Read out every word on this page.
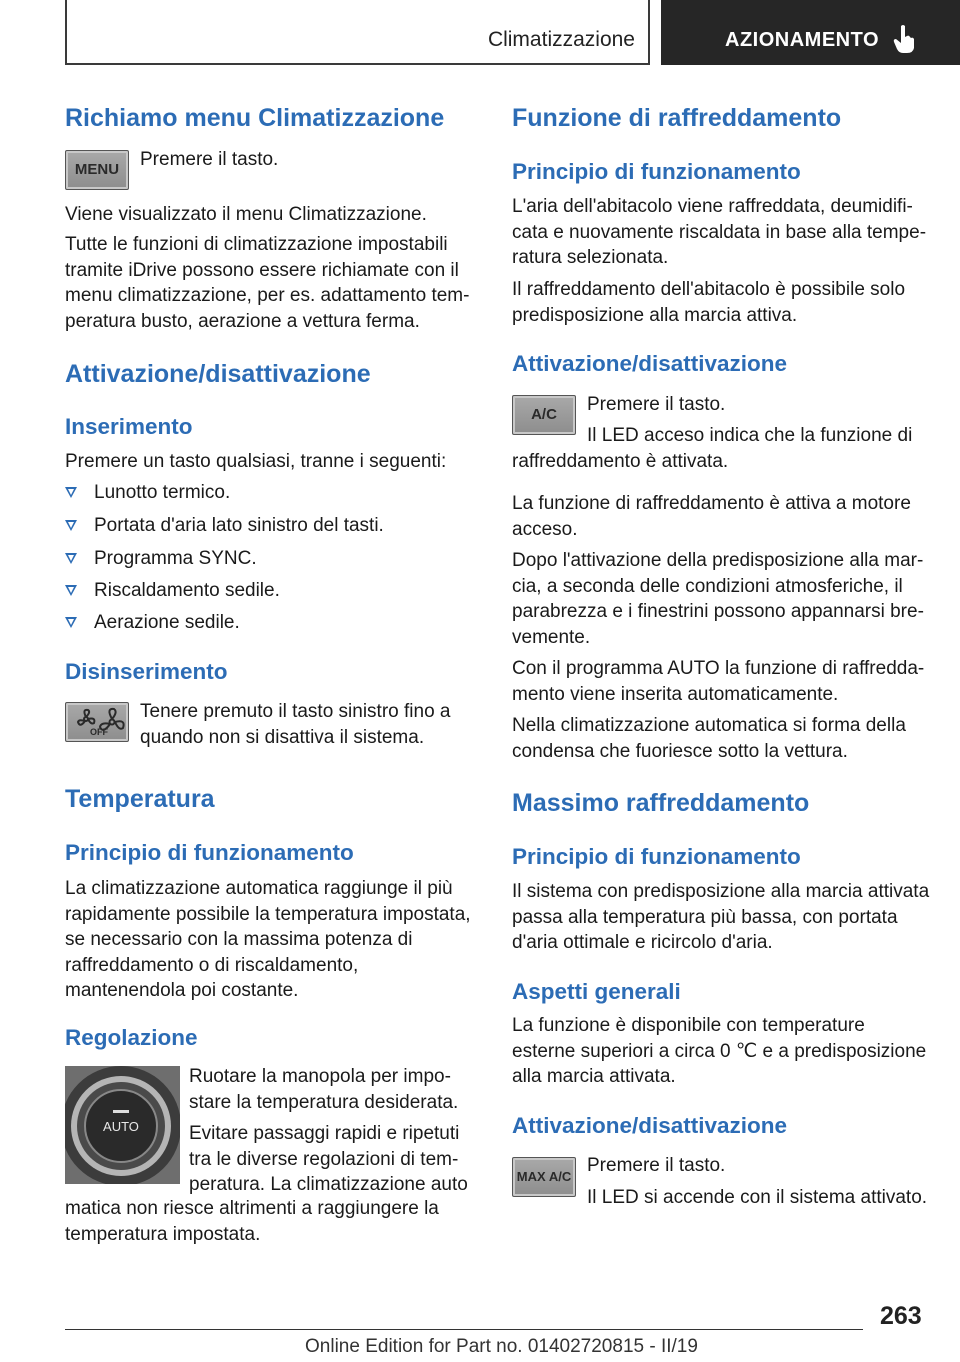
Climatizzazione	AZIONAMENTO
Richiamo menu Climatizzazione
MENU	Premere il tasto.

Viene visualizzato il menu Climatizzazione.

Tutte le funzioni di climatizzazione impostabili tramite iDrive possono essere richiamate con il menu climatizzazione, per es. adattamento temperatura busto, aerazione a vettura ferma.

Attivazione/disattivazione
Inserimento

Premere un tasto qualsiasi, tranne i seguenti:

Lunotto termico.
Portata d'aria lato sinistro del tasti.
Programma SYNC.
Riscaldamento sedile.
Aerazione sedile.
Disinserimento
OFF

Tenere premuto il tasto sinistro fino a quando non si disattiva il sistema.

Temperatura
Principio di funzionamento

La climatizzazione automatica raggiunge il più rapidamente possibile la temperatura impostata, se necessario con la massima potenza di raffreddamento o di riscaldamento, mantenendola poi costante.

Regolazione
AUTO

Ruotare la manopola per impostare la temperatura desiderata.

Evitare passaggi rapidi e ripetuti tra le diverse regolazioni di temperatura. La climatizzazione auto

matica non riesce altrimenti a raggiungere la temperatura impostata.

Funzione di raffreddamento
Principio di funzionamento

L'aria dell'abitacolo viene raffreddata, deumidificata e nuovamente riscaldata in base alla temperatura selezionata.

Il raffreddamento dell'abitacolo è possibile solo predisposizione alla marcia attiva.

Attivazione/disattivazione
A/C	Premere il tasto.

Il LED acceso indica che la funzione di raffreddamento è attivata.

La funzione di raffreddamento è attiva a motore acceso.

Dopo l'attivazione della predisposizione alla marcia, a seconda delle condizioni atmosferiche, il parabrezza e i finestrini possono appannarsi brevemente.

Con il programma AUTO la funzione di raffreddamento viene inserita automaticamente.

Nella climatizzazione automatica si forma della condensa che fuoriesce sotto la vettura.

Massimo raffreddamento
Principio di funzionamento

Il sistema con predisposizione alla marcia attivata passa alla temperatura più bassa, con portata d'aria ottimale e ricircolo d'aria.

Aspetti generali

La funzione è disponibile con temperature esterne superiori a circa 0 ℃ e a predisposizione alla marcia attivata.

Attivazione/disattivazione
MAX A/C

Premere il tasto.

Il LED si accende con il sistema attivato.

263
Online Edition for Part no. 01402720815 - II/19
